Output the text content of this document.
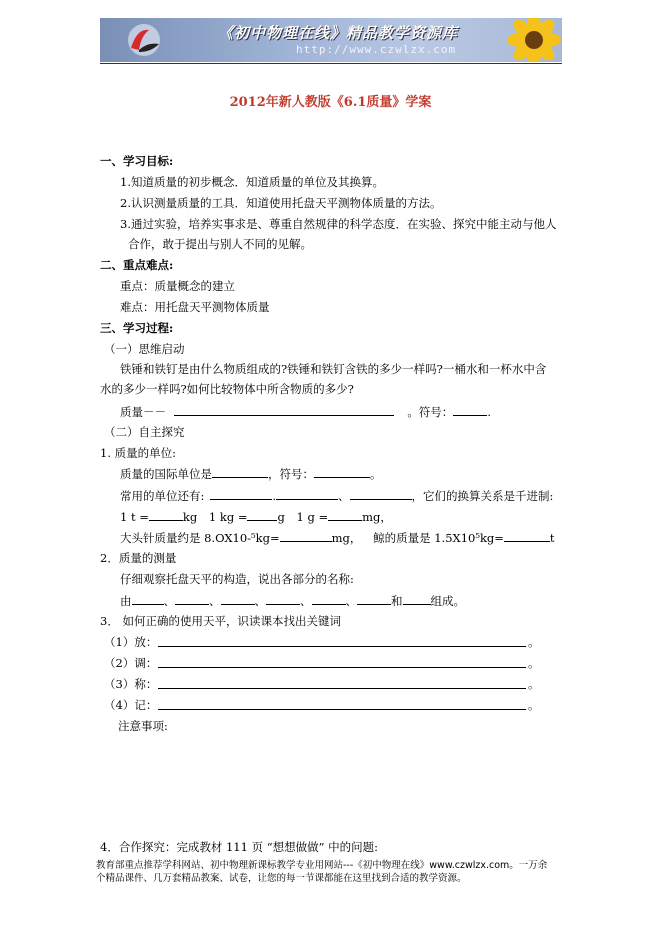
《初中物理在线》精品教学资源库
http://www.czwlzx.com
2012年新人教版《6.1质量》学案
一、学习目标:
1.知道质量的初步概念．知道质量的单位及其换算。
2.认识测量质量的工具．知道使用托盘天平测物体质量的方法。
3.通过实验，培养实事求是、尊重自然规律的科学态度．在实验、探究中能主动与他人
合作，敢于提出与别人不同的见解。
二、重点难点:
重点：质量概念的建立
难点：用托盘天平测物体质量
三、学习过程:
（一）思维启动
铁锤和铁钉是由什么物质组成的?铁锤和铁钉含铁的多少一样吗?一桶水和一杯水中含
水的多少一样吗?如何比较物体中所含物质的多少?
质量－－	。符号：	.
（二）自主探究
1. 质量的单位:
质量的国际单位是	，符号：	。
常用的单位还有:	.	、	，它们的换算关系是千进制:
1 t =	kg 1 kg =	g 1 g =	mg，
大头针质量约是 8.OX10-⁵kg=	mg， 鲸的质量是 1.5X10⁵kg=	t
2．质量的测量
仔细观察托盘天平的构造，说出各部分的名称:
由	、	、	、	、	、	和 组成。
3． 如何正确的使用天平，识读课本找出关键词
（1）放：	。
（2）调：	。
（3）称：	。
（4）记：	。
注意事项:
4．合作探究：完成教材 111 页 “想想做做” 中的问题:

教育部重点推荐学科网站、初中物理新课标教学专业用网站---《初中物理在线》www.czwlzx.com。一万余

个精品课件、几万套精品教案、试卷，让您的每一节课都能在这里找到合适的教学资源。
